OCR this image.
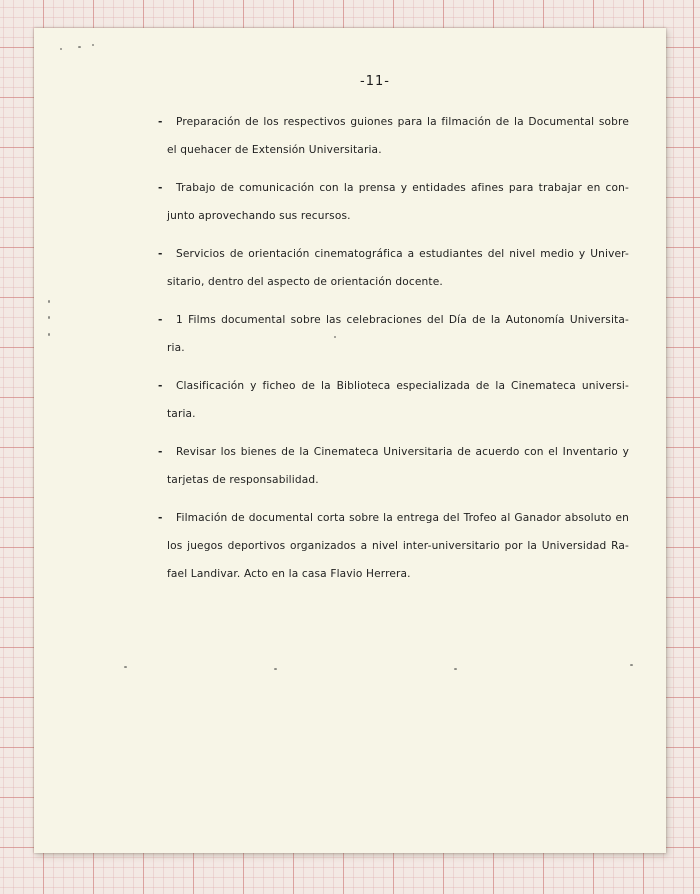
-11-
-	Preparación de los respectivos guiones para la filmación de la Documental sobre
el quehacer de Extensión Universitaria.
-	Trabajo de comunicación con la prensa y entidades afines para trabajar en con-
junto aprovechando sus recursos.
-	Servicios de orientación cinematográfica a estudiantes del nivel medio y Univer-
sitario, dentro del aspecto de orientación docente.
-	1 Films documental sobre las celebraciones del Día de la Autonomía Universita-
ria.
-	Clasificación y ficheo de la Biblioteca especializada de la Cinemateca universi-
taria.
-	Revisar los bienes de la Cinemateca Universitaria de acuerdo con el Inventario y
tarjetas de responsabilidad.
-	Filmación de documental corta sobre la entrega del Trofeo al Ganador absoluto en
los juegos deportivos organizados a nivel inter-universitario por la Universidad Ra-
fael Landivar. Acto en la casa Flavio Herrera.
